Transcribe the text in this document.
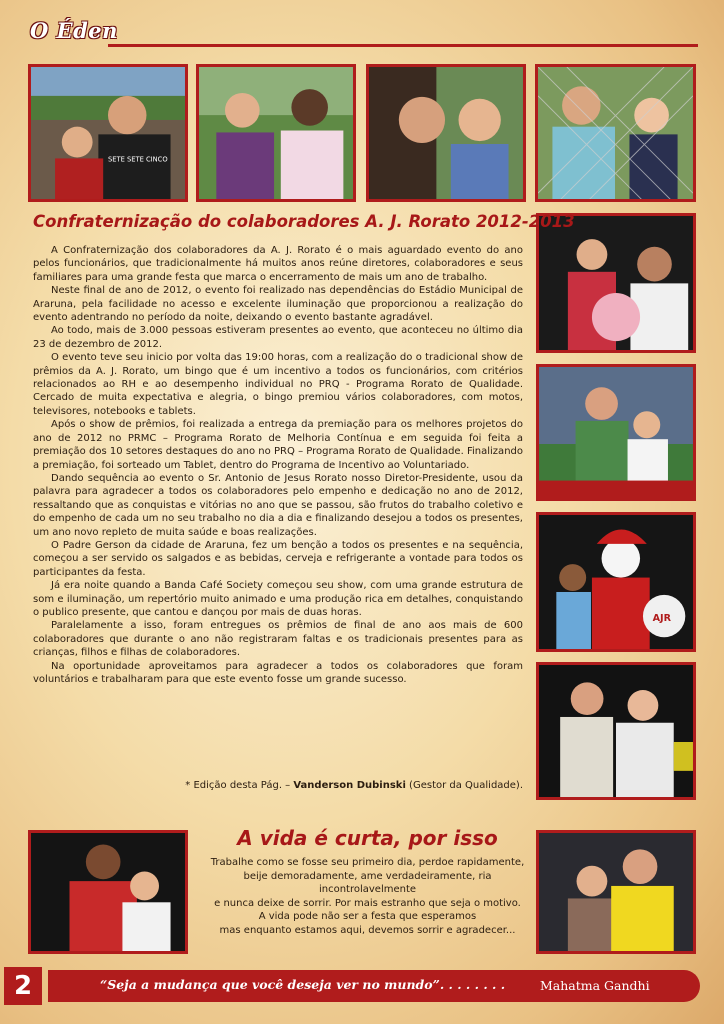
O Éden
SETE SETE CINCO
AJR
Confraternização do colaboradores A. J. Rorato 2012-2013

A Confraternização dos colaboradores da A. J. Rorato é o mais aguardado evento do ano pelos funcionários, que tradicionalmente há muitos anos reúne diretores, colaboradores e seus familiares para uma grande festa que marca o encerramento de mais um ano de trabalho.

Neste final de ano de 2012, o evento foi realizado nas dependências do Estádio Municipal de Araruna, pela facilidade no acesso e excelente iluminação que proporcionou a realização do evento adentrando no período da noite, deixando o evento bastante agradável.

Ao todo, mais de 3.000 pessoas estiveram presentes ao evento, que aconteceu no último dia 23 de dezembro de 2012.

O evento teve seu inicio por volta das 19:00 horas, com a realização do o tradicional show de prêmios da A. J. Rorato, um bingo que é um incentivo a todos os funcionários, com critérios relacionados ao RH e ao desempenho individual no PRQ - Programa Rorato de Qualidade. Cercado de muita expectativa e alegria, o bingo premiou vários colaboradores, com motos, televisores, notebooks e tablets.

Após o show de prêmios, foi realizada a entrega da premiação para os melhores projetos do ano de 2012 no PRMC – Programa Rorato de Melhoria Contínua e em seguida foi feita a premiação dos 10 setores destaques do ano no PRQ – Programa Rorato de Qualidade. Finalizando a premiação, foi sorteado um Tablet, dentro do Programa de Incentivo ao Voluntariado.

Dando sequência ao evento o Sr. Antonio de Jesus Rorato nosso Diretor-Presidente, usou da palavra para agradecer a todos os colaboradores pelo empenho e dedicação no ano de 2012, ressaltando que as conquistas e vitórias no ano que se passou, são frutos do trabalho coletivo e do empenho de cada um no seu trabalho no dia a dia e finalizando desejou a todos os presentes, um ano novo repleto de muita saúde e boas realizações.

O Padre Gerson da cidade de Araruna, fez um benção a todos os presentes e na sequência, começou a ser servido os salgados e as bebidas, cerveja e refrigerante a vontade para todos os participantes da festa.

Já era noite quando a Banda Café Society começou seu show, com uma grande estrutura de som e iluminação, um repertório muito animado e uma produção rica em detalhes, conquistando o publico presente, que cantou e dançou por mais de duas horas.

Paralelamente a isso, foram entregues os prêmios de final de ano aos mais de 600 colaboradores que durante o ano não registraram faltas e os tradicionais presentes para as crianças, filhos e filhas de colaboradores.

Na oportunidade aproveitamos para agradecer a todos os colaboradores que foram voluntários e trabalharam para que este evento fosse um grande sucesso.

* Edição desta Pág. – Vanderson Dubinski (Gestor da Qualidade).
A vida é curta, por isso
Trabalhe como se fosse seu primeiro dia, perdoe rapidamente,
beije demoradamente, ame verdadeiramente, ria
incontrolavelmente
e nunca deixe de sorrir. Por mais estranho que seja o motivo.
A vida pode não ser a festa que esperamos
mas enquanto estamos aqui, devemos sorrir e agradecer...
2	“Seja a mudança que você deseja ver no mundo”. . . . . . . .	Mahatma Gandhi
